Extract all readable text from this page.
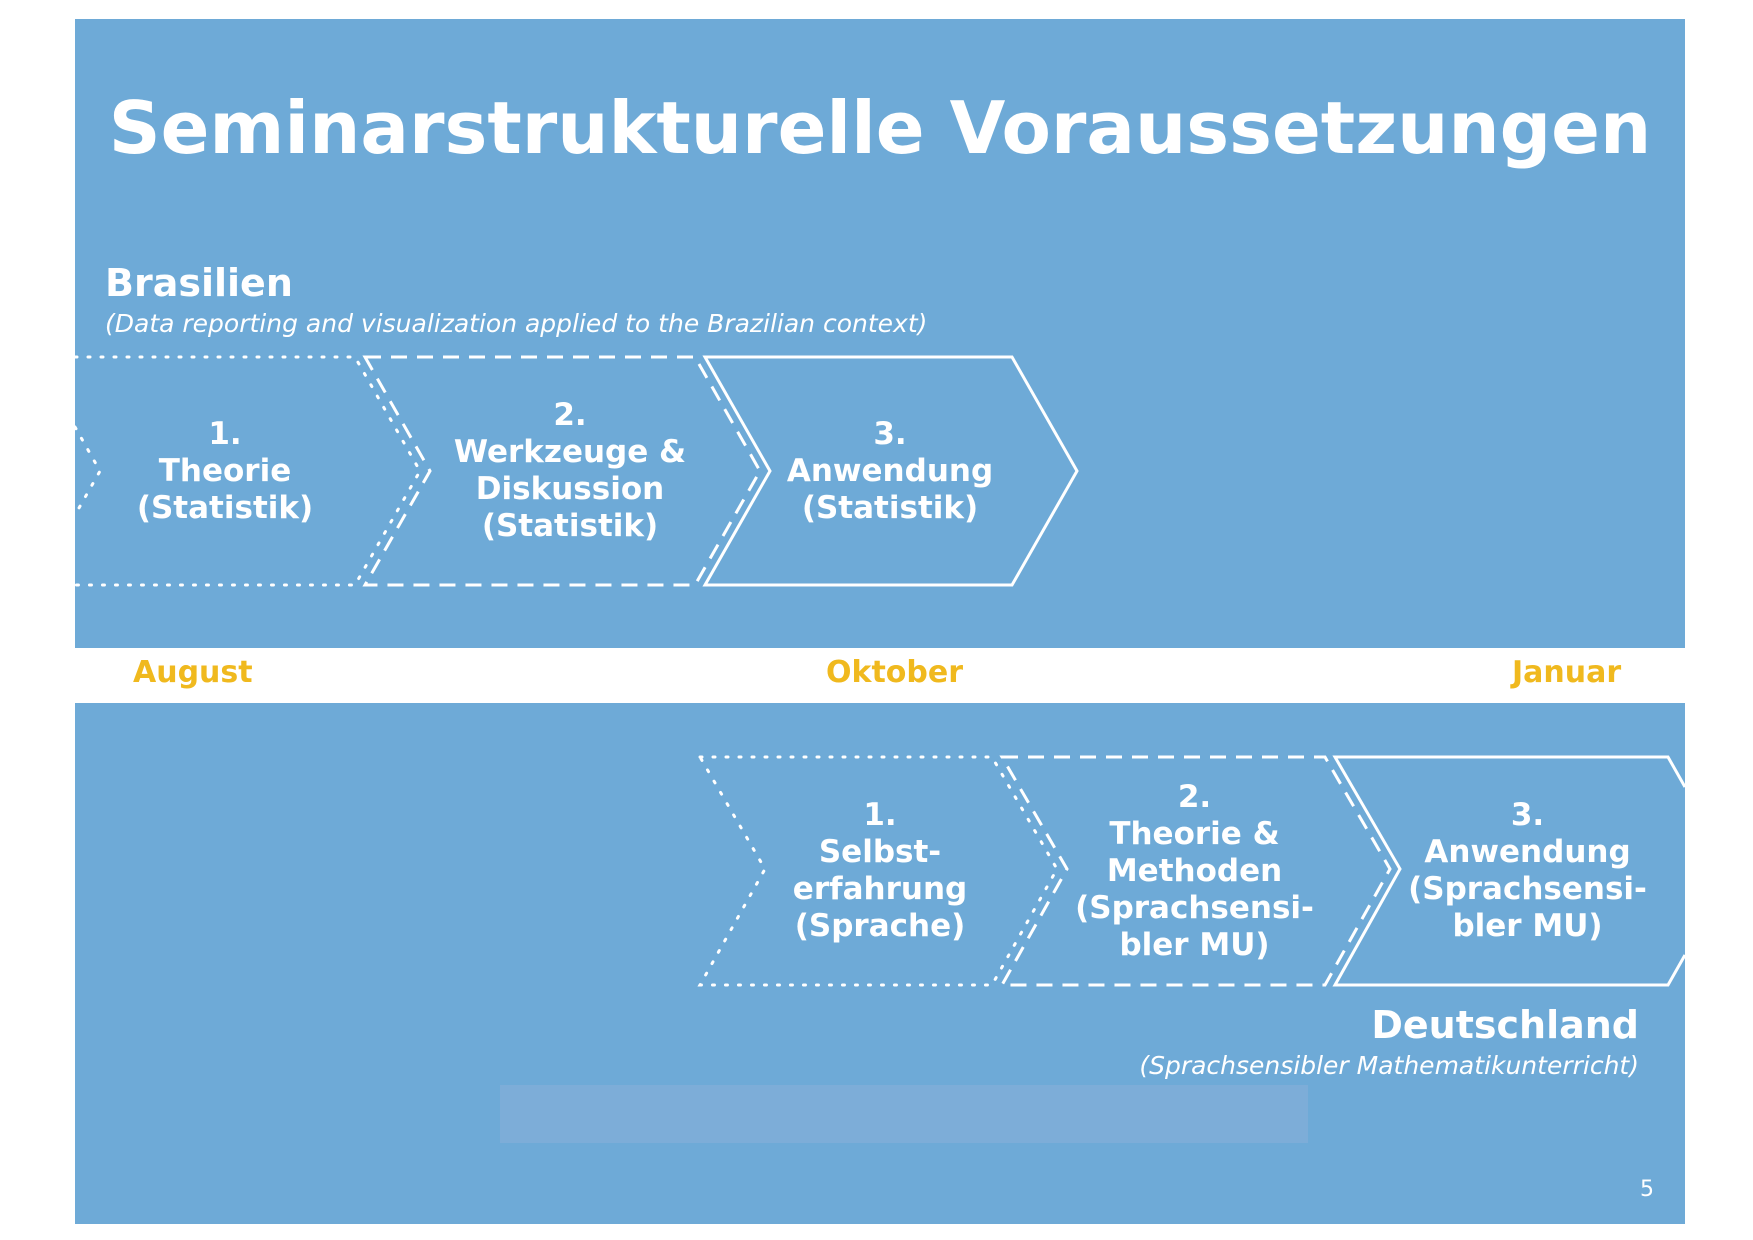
Seminarstrukturelle Voraussetzungen
Brasilien
(Data reporting and visualization applied to the Brazilian context)
1.
Theorie
(Statistik)
2.
Werkzeuge &
Diskussion
(Statistik)
3.
Anwendung
(Statistik)
August	Oktober	Januar
1.
Selbst-
erfahrung
(Sprache)
2.
Theorie &
Methoden
(Sprachsensi-
bler MU)
3.
Anwendung
(Sprachsensi-
bler MU)
Deutschland
(Sprachsensibler Mathematikunterricht)
5
